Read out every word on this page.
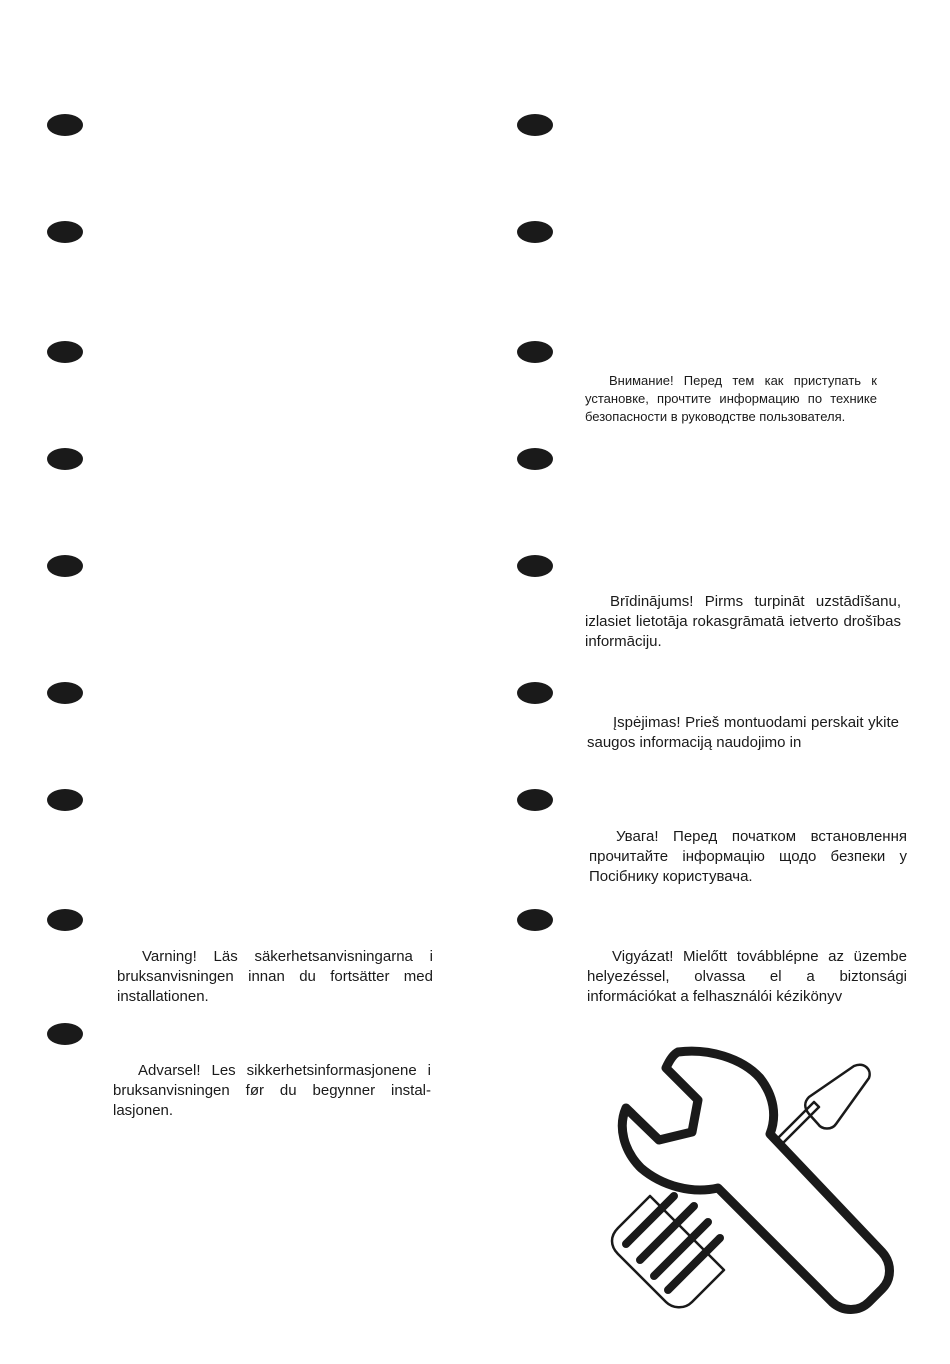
Внимание! Перед тем как приступать к установке, прочтите информацию по технике безопасности в руководстве пользователя.

Brīdinājums! Pirms turpināt uzstādīšanu, izlasiet lietotāja rokasgrāmatā ietverto drošības informāciju.

Įspėjimas! Prieš montuodami perskait ykite saugos informaciją naudojimo in

Увага! Перед початком встановлення прочитайте інформацію щодо безпеки у Посібнику користувача.

Vigyázat! Mielőtt továbblépne az üzembe helyezéssel, olvassa el a biztonsági információkat a felhasználói kézikönyv

Varning! Läs säkerhetsanvisningarna i bruksanvisningen innan du fortsätter med installationen.

Advarsel! Les sikkerhetsinformasjonene i bruksanvisningen før du begynner instal-lasjonen.
